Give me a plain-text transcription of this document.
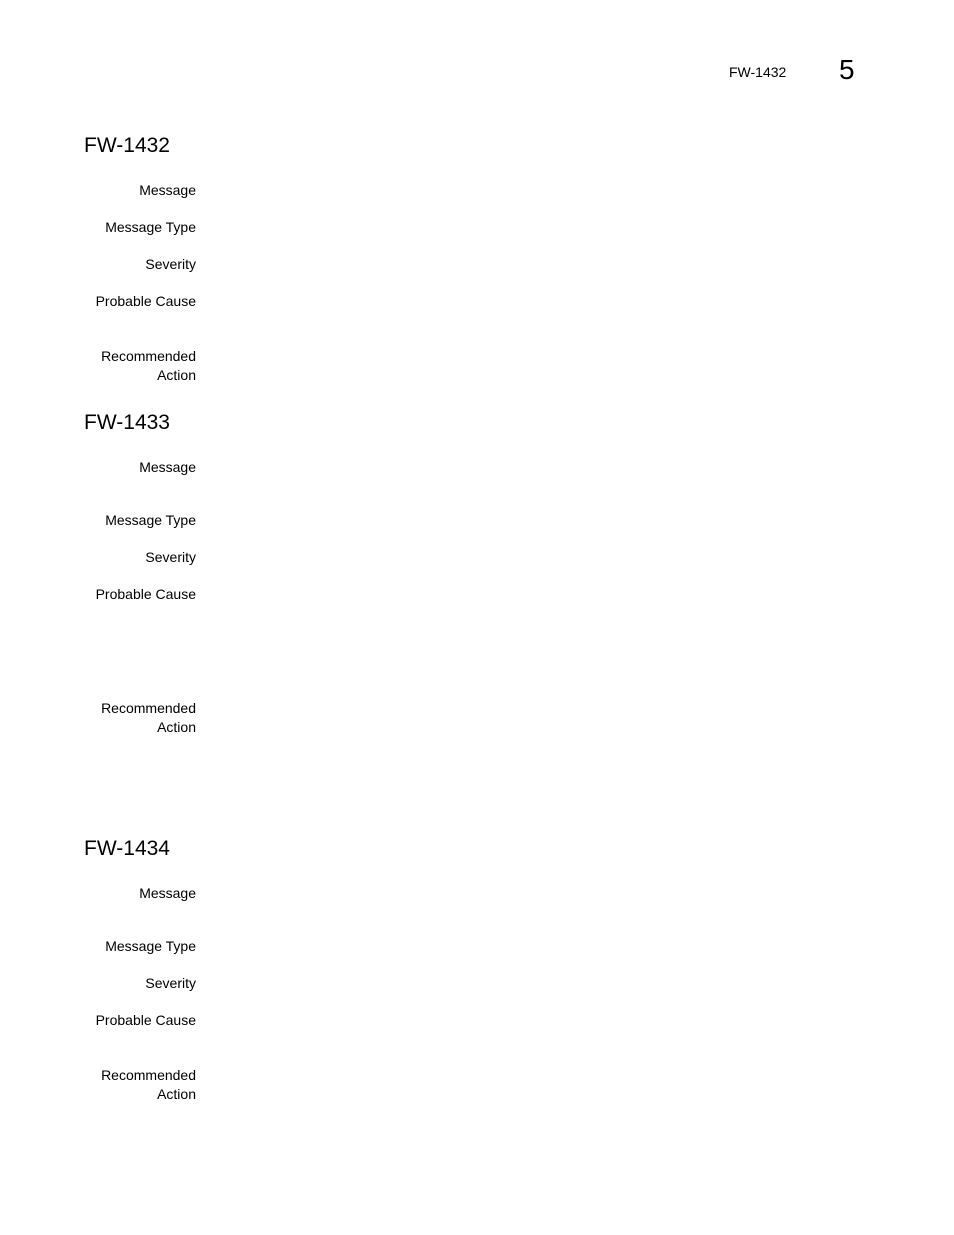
FW-1432 5
FW-1432
Message
Message Type
Severity
Probable Cause
Recommended
Action
FW-1433
Message
Message Type
Severity
Probable Cause
Recommended
Action
FW-1434
Message
Message Type
Severity
Probable Cause
Recommended
Action
